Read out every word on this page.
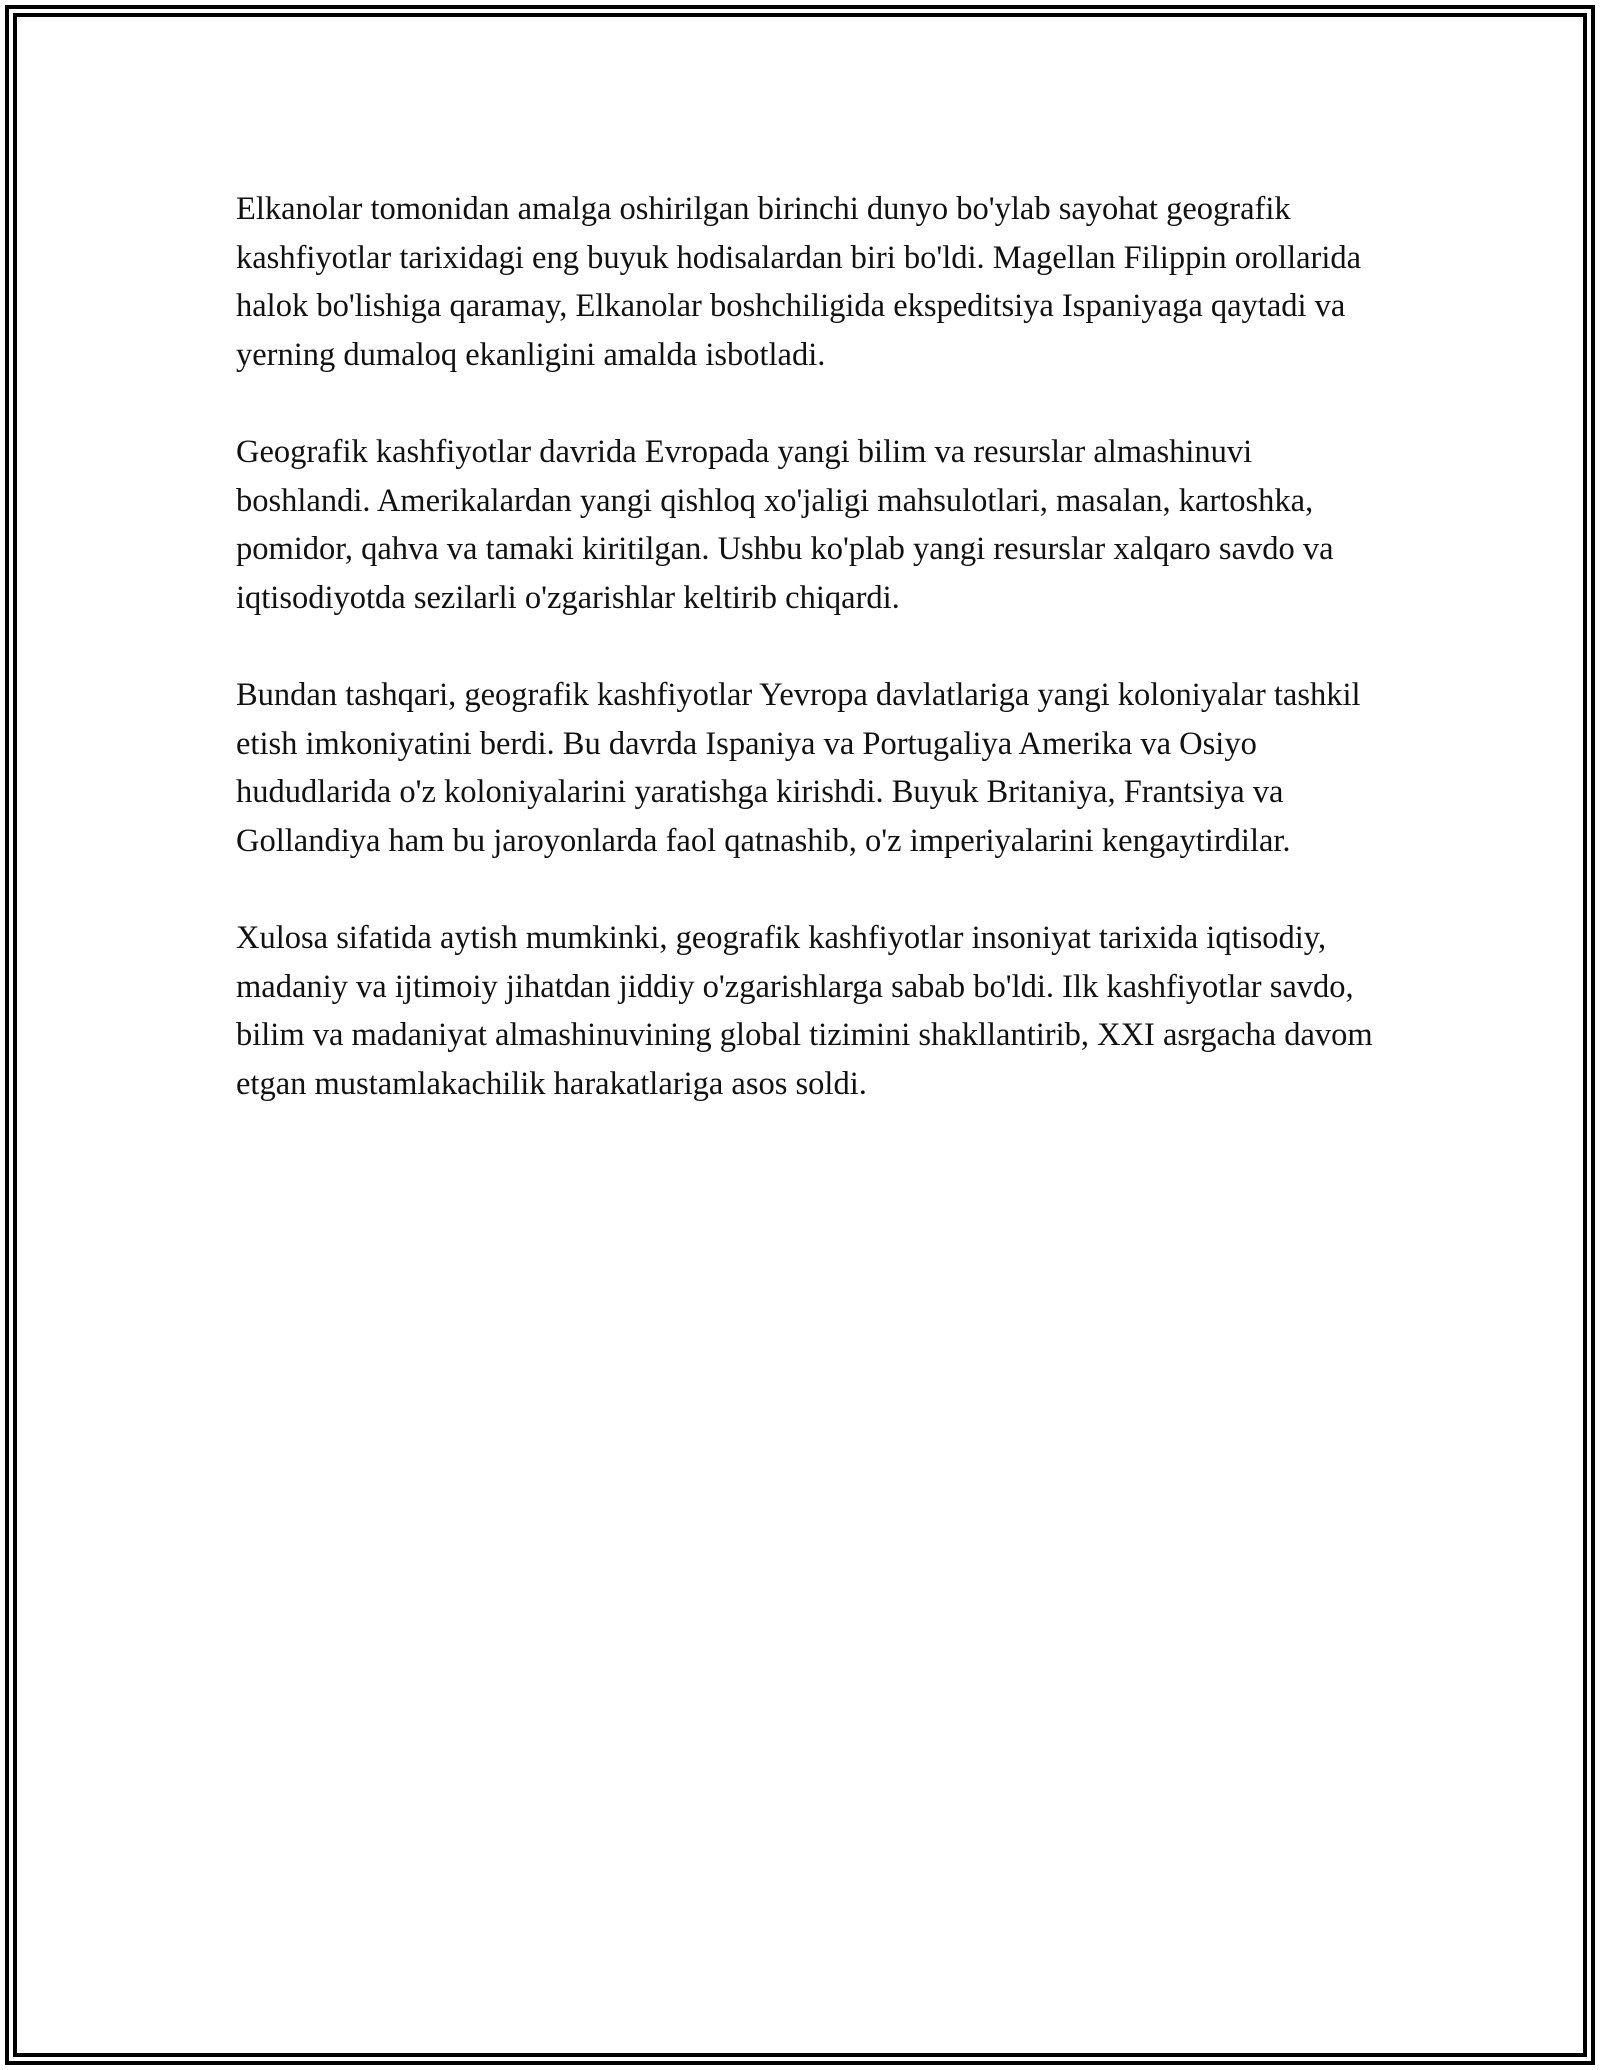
Elkanolar tomonidan amalga oshirilgan birinchi dunyo bo'ylab sayohat geografik kashfiyotlar tarixidagi eng buyuk hodisalardan biri bo'ldi. Magellan Filippin orollarida halok bo'lishiga qaramay, Elkanolar boshchiligida ekspeditsiya Ispaniyaga qaytadi va yerning dumaloq ekanligini amalda isbotladi.

Geografik kashfiyotlar davrida Evropada yangi bilim va resurslar almashinuvi boshlandi. Amerikalardan yangi qishloq xo'jaligi mahsulotlari, masalan, kartoshka, pomidor, qahva va tamaki kiritilgan. Ushbu ko'plab yangi resurslar xalqaro savdo va iqtisodiyotda sezilarli o'zgarishlar keltirib chiqardi.

Bundan tashqari, geografik kashfiyotlar Yevropa davlatlariga yangi koloniyalar tashkil etish imkoniyatini berdi. Bu davrda Ispaniya va Portugaliya Amerika va Osiyo hududlarida o'z koloniyalarini yaratishga kirishdi. Buyuk Britaniya, Frantsiya va Gollandiya ham bu jaroyonlarda faol qatnashib, o'z imperiyalarini kengaytirdilar.

Xulosa sifatida aytish mumkinki, geografik kashfiyotlar insoniyat tarixida iqtisodiy, madaniy va ijtimoiy jihatdan jiddiy o'zgarishlarga sabab bo'ldi. Ilk kashfiyotlar savdo, bilim va madaniyat almashinuvining global tizimini shakllantirib, XXI asrgacha davom etgan mustamlakachilik harakatlariga asos soldi.
